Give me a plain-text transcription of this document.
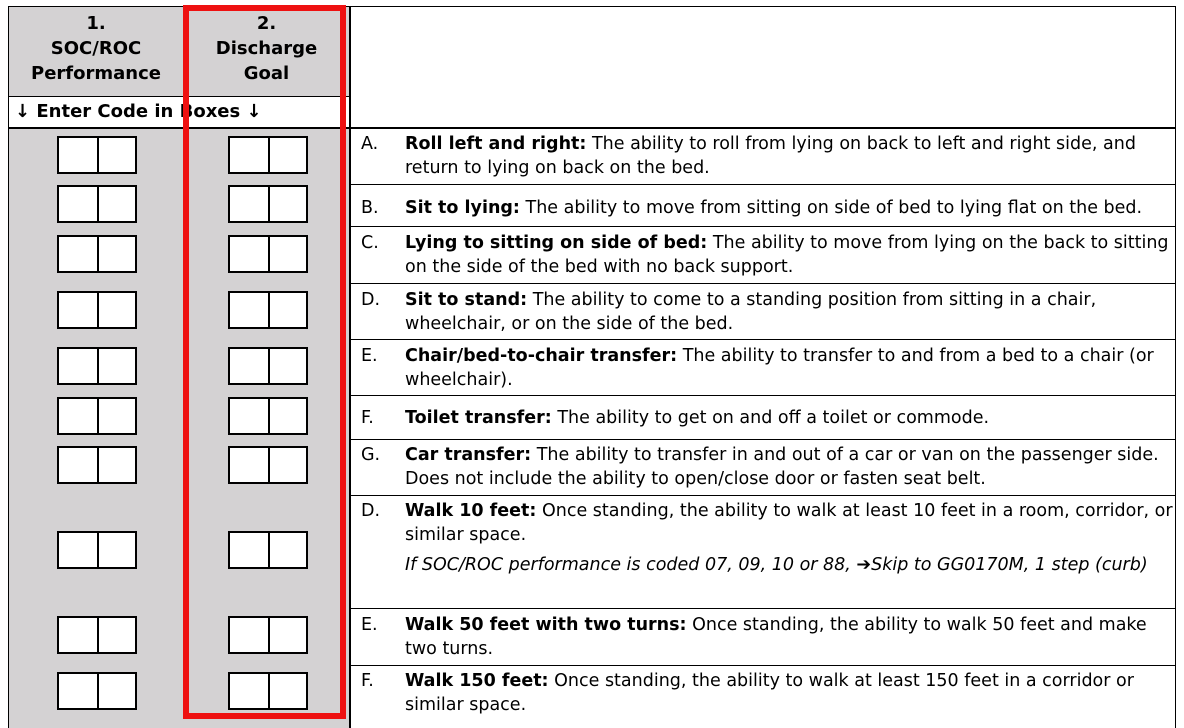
1.
SOC/ROC
Performance
2.
Discharge
Goal
↓ Enter Code in Boxes ↓
A. Roll left and right: The ability to roll from lying on back to left and right side, and return to lying on back on the bed.
B. Sit to lying: The ability to move from sitting on side of bed to lying flat on the bed.
C. Lying to sitting on side of bed: The ability to move from lying on the back to sitting on the side of the bed with no back support.
D. Sit to stand: The ability to come to a standing position from sitting in a chair, wheelchair, or on the side of the bed.
E. Chair/bed-to-chair transfer: The ability to transfer to and from a bed to a chair (or wheelchair).
F. Toilet transfer: The ability to get on and off a toilet or commode.
G. Car transfer: The ability to transfer in and out of a car or van on the passenger side. Does not include the ability to open/close door or fasten seat belt.
D. Walk 10 feet: Once standing, the ability to walk at least 10 feet in a room, corridor, or similar space.
If SOC/ROC performance is coded 07, 09, 10 or 88, ➔Skip to GG0170M, 1 step (curb)
E. Walk 50 feet with two turns: Once standing, the ability to walk 50 feet and make two turns.
F. Walk 150 feet: Once standing, the ability to walk at least 150 feet in a corridor or similar space.
